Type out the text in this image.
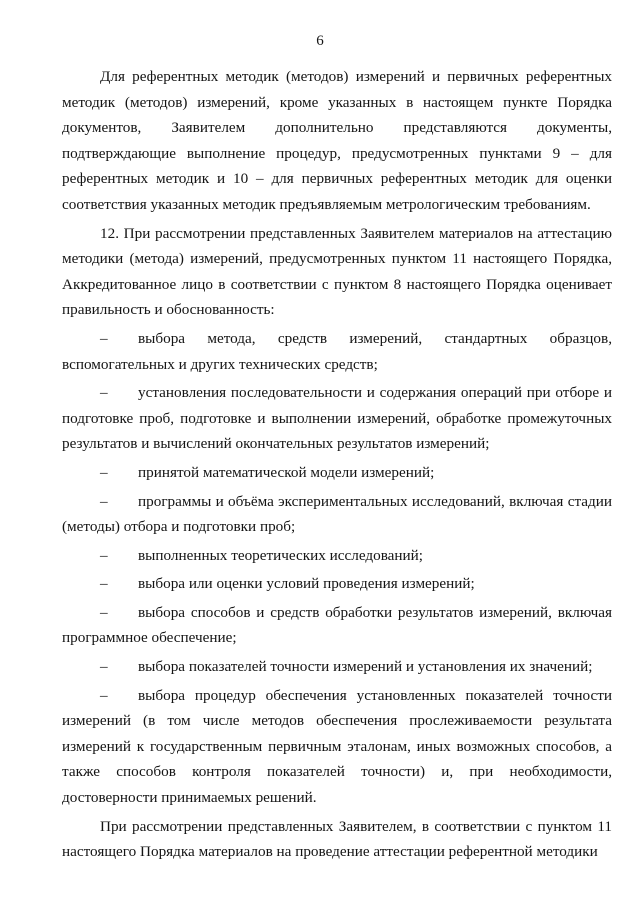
6

Для референтных методик (методов) измерений и первичных референтных методик (методов) измерений, кроме указанных в настоящем пункте Порядка документов, Заявителем дополнительно представляются документы, подтверждающие выполнение процедур, предусмотренных пунктами 9 – для референтных методик и 10 – для первичных референтных методик для оценки соответствия указанных методик предъявляемым метрологическим требованиям.

12. При рассмотрении представленных Заявителем материалов на аттестацию методики (метода) измерений, предусмотренных пунктом 11 настоящего Порядка, Аккредитованное лицо в соответствии с пунктом 8 настоящего Порядка оценивает правильность и обоснованность:

– выбора метода, средств измерений, стандартных образцов, вспомогательных и других технических средств;

– установления последовательности и содержания операций при отборе и подготовке проб, подготовке и выполнении измерений, обработке промежуточных результатов и вычислений окончательных результатов измерений;

– принятой математической модели измерений;

– программы и объёма экспериментальных исследований, включая стадии (методы) отбора и подготовки проб;

– выполненных теоретических исследований;

– выбора или оценки условий проведения измерений;

– выбора способов и средств обработки результатов измерений, включая программное обеспечение;

– выбора показателей точности измерений и установления их значений;

– выбора процедур обеспечения установленных показателей точности измерений (в том числе методов обеспечения прослеживаемости результата измерений к государственным первичным эталонам, иных возможных способов, а также способов контроля показателей точности) и, при необходимости, достоверности принимаемых решений.

При рассмотрении представленных Заявителем, в соответствии с пунктом 11 настоящего Порядка материалов на проведение аттестации референтной методики
